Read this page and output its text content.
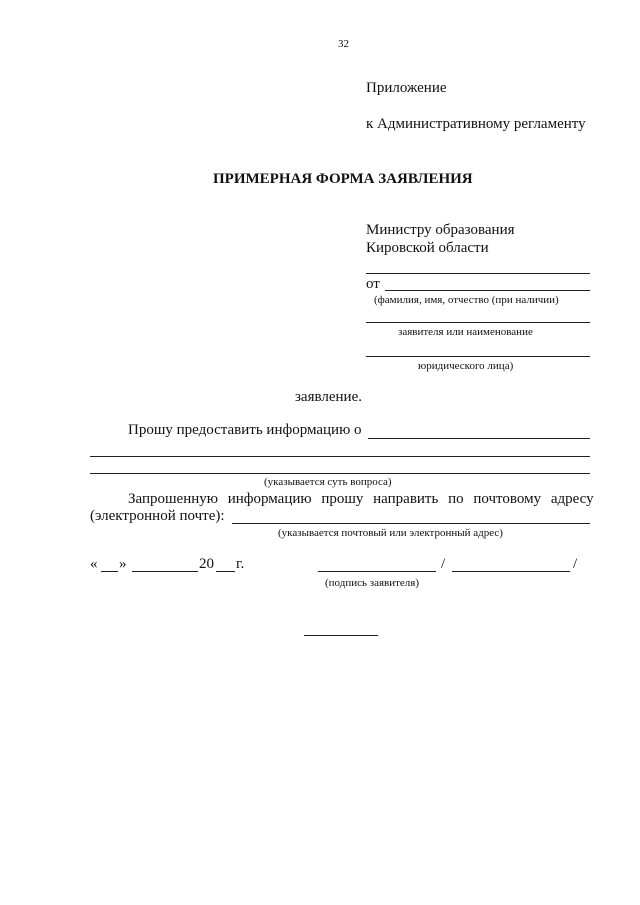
32
Приложение
к Административному регламенту
ПРИМЕРНАЯ ФОРМА ЗАЯВЛЕНИЯ
Министру образования
Кировской области
от
(фамилия, имя, отчество (при наличии)
заявителя или наименование
юридического лица)
заявление.
Прошу предоставить информацию о
(указывается суть вопроса)
Запрошенную информацию прошу направить по почтовому адресу
(электронной почте):
(указывается почтовый или электронный адрес)
« »	20 г.	/	/
(подпись заявителя)
